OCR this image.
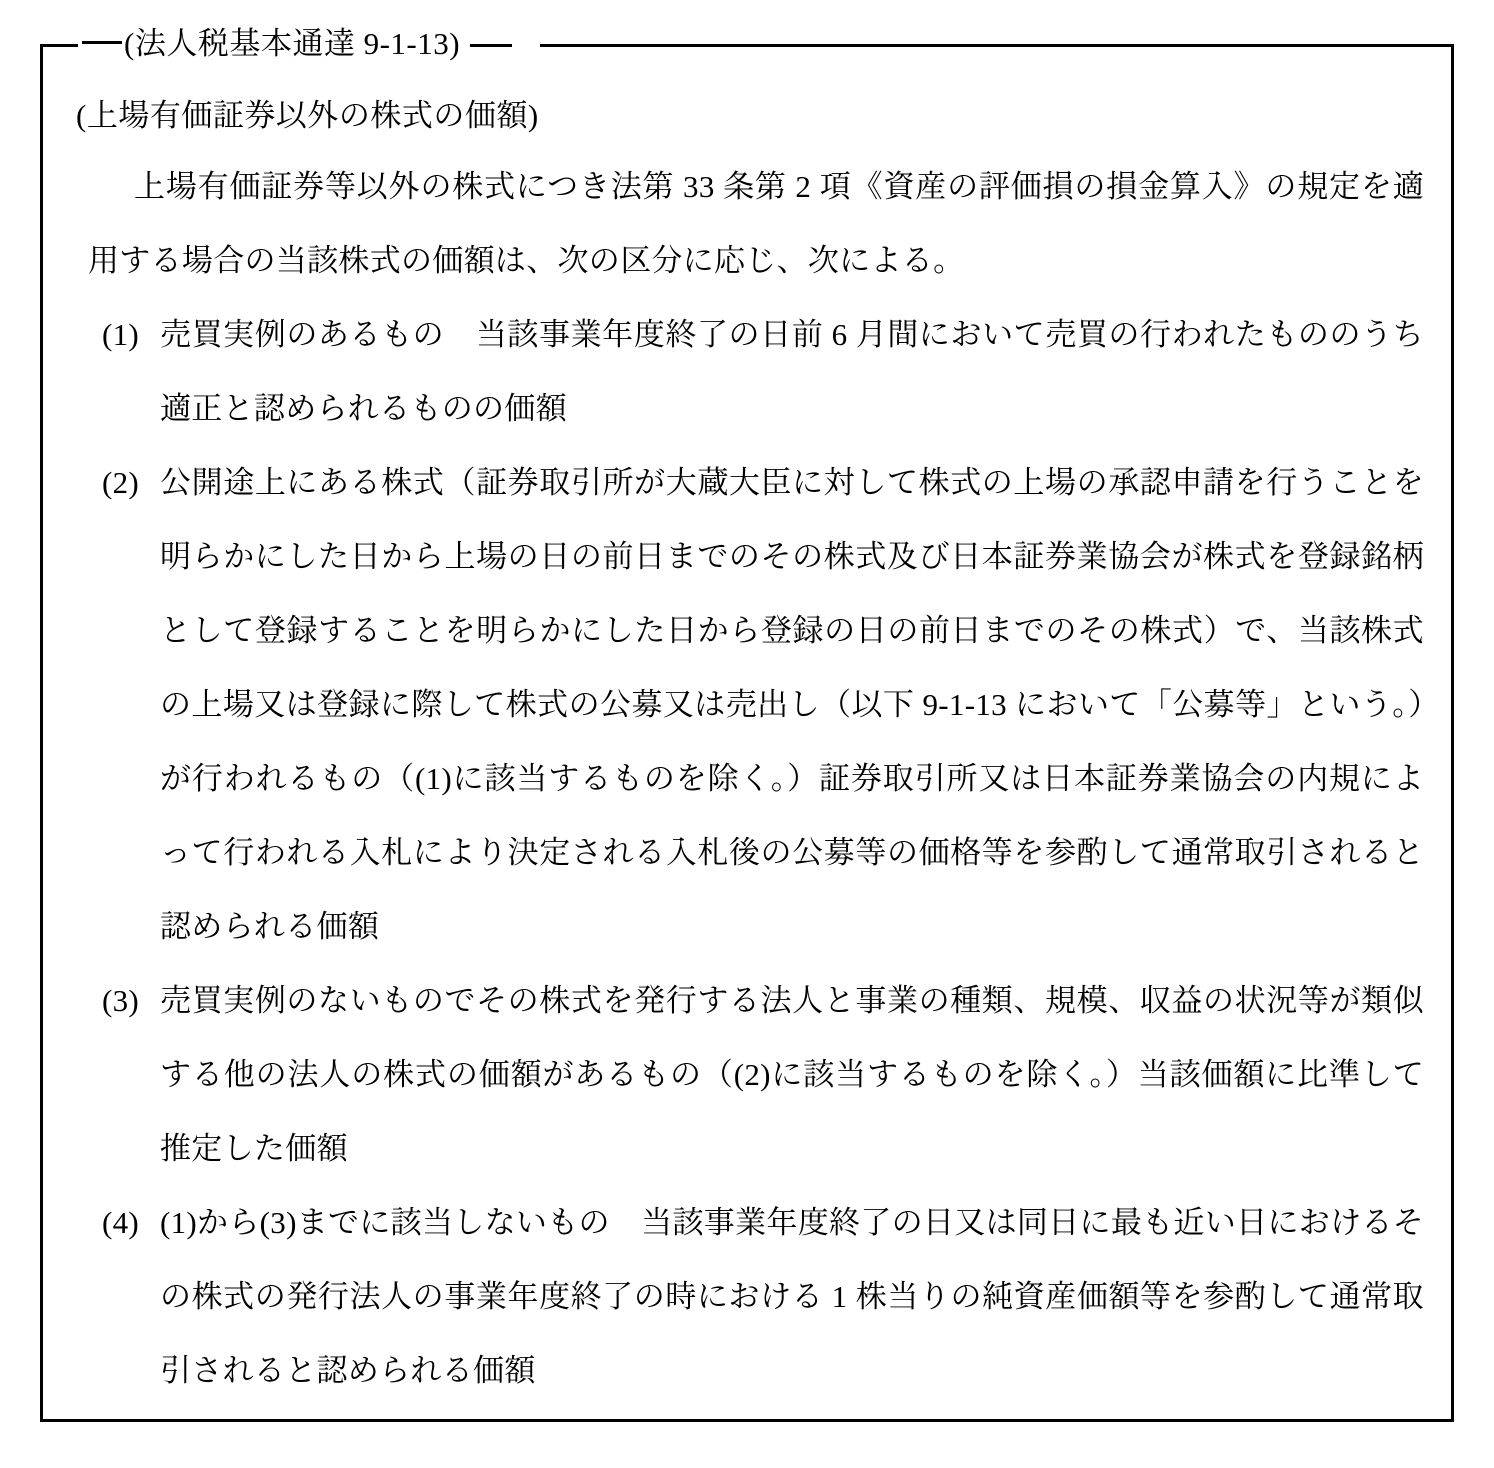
(法人税基本通達 9-1-13)
(上場有価証券以外の株式の価額)

上場有価証券等以外の株式につき法第 33 条第 2 項《資産の評価損の損金算入》の規定を適用する場合の当該株式の価額は、次の区分に応じ、次による。

(1) 売買実例のあるもの　当該事業年度終了の日前 6 月間において売買の行われたもののうち適正と認められるものの価額
(2) 公開途上にある株式（証券取引所が大蔵大臣に対して株式の上場の承認申請を行うことを明らかにした日から上場の日の前日までのその株式及び日本証券業協会が株式を登録銘柄として登録することを明らかにした日から登録の日の前日までのその株式）で、当該株式の上場又は登録に際して株式の公募又は売出し（以下 9-1-13 において「公募等」という。）が行われるもの（(1)に該当するものを除く。）証券取引所又は日本証券業協会の内規によって行われる入札により決定される入札後の公募等の価格等を参酌して通常取引されると認められる価額
(3) 売買実例のないものでその株式を発行する法人と事業の種類、規模、収益の状況等が類似する他の法人の株式の価額があるもの（(2)に該当するものを除く。）当該価額に比準して推定した価額
(4) (1)から(3)までに該当しないもの　当該事業年度終了の日又は同日に最も近い日におけるその株式の発行法人の事業年度終了の時における 1 株当りの純資産価額等を参酌して通常取引されると認められる価額
